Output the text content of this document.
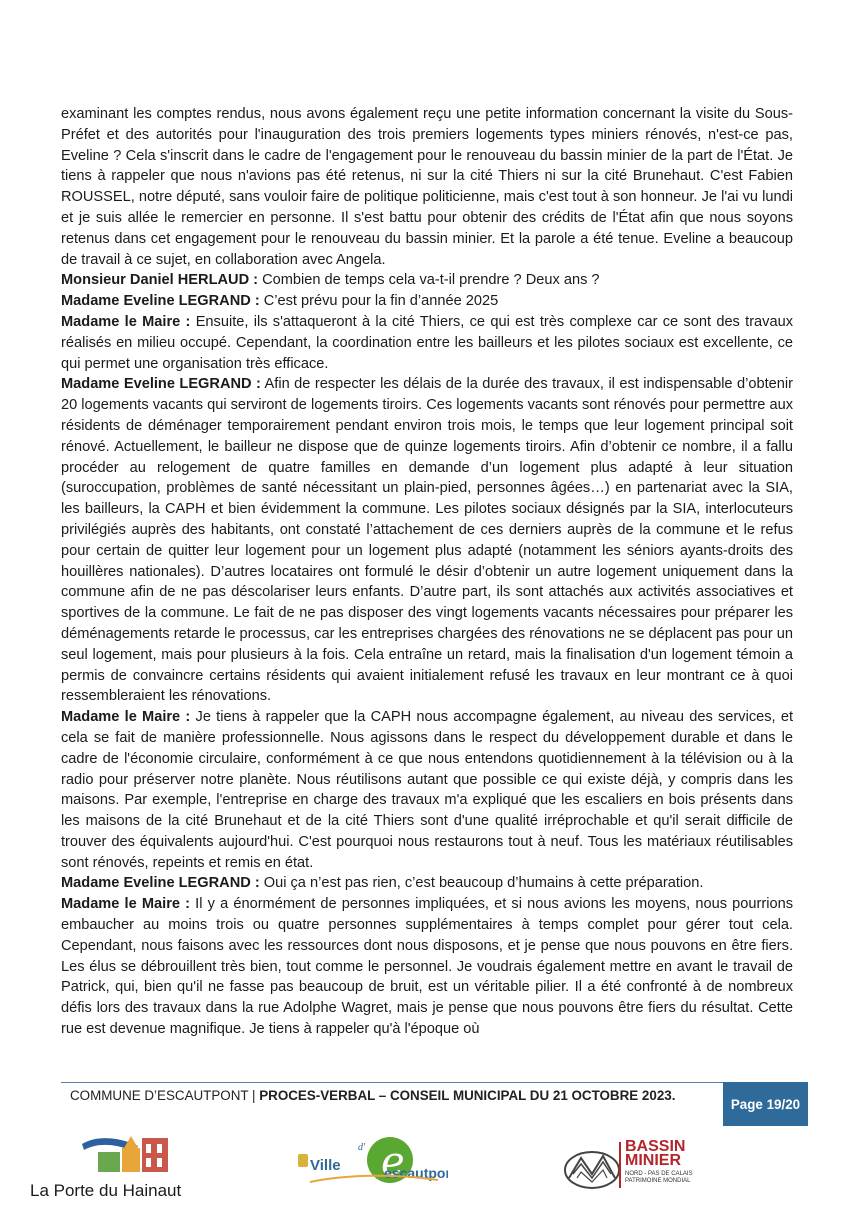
examinant les comptes rendus, nous avons également reçu une petite information concernant la visite du Sous-Préfet et des autorités pour l'inauguration des trois premiers logements types miniers rénovés, n'est-ce pas, Eveline ? Cela s'inscrit dans le cadre de l'engagement pour le renouveau du bassin minier de la part de l'État. Je tiens à rappeler que nous n'avions pas été retenus, ni sur la cité Thiers ni sur la cité Brunehaut. C'est Fabien ROUSSEL, notre député, sans vouloir faire de politique politicienne, mais c'est tout à son honneur. Je l'ai vu lundi et je suis allée le remercier en personne. Il s'est battu pour obtenir des crédits de l'État afin que nous soyons retenus dans cet engagement pour le renouveau du bassin minier. Et la parole a été tenue. Eveline a beaucoup de travail à ce sujet, en collaboration avec Angela.

Monsieur Daniel HERLAUD : Combien de temps cela va-t-il prendre ? Deux ans ?

Madame Eveline LEGRAND : C’est prévu pour la fin d’année 2025

Madame le Maire : Ensuite, ils s'attaqueront à la cité Thiers, ce qui est très complexe car ce sont des travaux réalisés en milieu occupé. Cependant, la coordination entre les bailleurs et les pilotes sociaux est excellente, ce qui permet une organisation très efficace.

Madame Eveline LEGRAND : Afin de respecter les délais de la durée des travaux, il est indispensable d’obtenir 20 logements vacants qui serviront de logements tiroirs. Ces logements vacants sont rénovés pour permettre aux résidents de déménager temporairement pendant environ trois mois, le temps que leur logement principal soit rénové. Actuellement, le bailleur ne dispose que de quinze logements tiroirs. Afin d’obtenir ce nombre, il a fallu procéder au relogement de quatre familles en demande d’un logement plus adapté à leur situation (suroccupation, problèmes de santé nécessitant un plain-pied, personnes âgées…) en partenariat avec la SIA, les bailleurs, la CAPH et bien évidemment la commune. Les pilotes sociaux désignés par la SIA, interlocuteurs privilégiés auprès des habitants, ont constaté l’attachement de ces derniers auprès de la commune et le refus pour certain de quitter leur logement pour un logement plus adapté (notamment les séniors ayants-droits des houillères nationales). D’autres locataires ont formulé le désir d’obtenir un autre logement uniquement dans la commune afin de ne pas déscolariser leurs enfants. D’autre part, ils sont attachés aux activités associatives et sportives de la commune. Le fait de ne pas disposer des vingt logements vacants nécessaires pour préparer les déménagements retarde le processus, car les entreprises chargées des rénovations ne se déplacent pas pour un seul logement, mais pour plusieurs à la fois. Cela entraîne un retard, mais la finalisation d'un logement témoin a permis de convaincre certains résidents qui avaient initialement refusé les travaux en leur montrant ce à quoi ressembleraient les rénovations.

Madame le Maire : Je tiens à rappeler que la CAPH nous accompagne également, au niveau des services, et cela se fait de manière professionnelle. Nous agissons dans le respect du développement durable et dans le cadre de l'économie circulaire, conformément à ce que nous entendons quotidiennement à la télévision ou à la radio pour préserver notre planète. Nous réutilisons autant que possible ce qui existe déjà, y compris dans les maisons. Par exemple, l'entreprise en charge des travaux m'a expliqué que les escaliers en bois présents dans les maisons de la cité Brunehaut et de la cité Thiers sont d'une qualité irréprochable et qu'il serait difficile de trouver des équivalents aujourd'hui. C'est pourquoi nous restaurons tout à neuf. Tous les matériaux réutilisables sont rénovés, repeints et remis en état.

Madame Eveline LEGRAND : Oui ça n’est pas rien, c’est beaucoup d’humains à cette préparation.

Madame le Maire : Il y a énormément de personnes impliquées, et si nous avions les moyens, nous pourrions embaucher au moins trois ou quatre personnes supplémentaires à temps complet pour gérer tout cela. Cependant, nous faisons avec les ressources dont nous disposons, et je pense que nous pouvons en être fiers. Les élus se débrouillent très bien, tout comme le personnel. Je voudrais également mettre en avant le travail de Patrick, qui, bien qu'il ne fasse pas beaucoup de bruit, est un véritable pilier. Il a été confronté à de nombreux défis lors des travaux dans la rue Adolphe Wagret, mais je pense que nous pouvons être fiers du résultat. Cette rue est devenue magnifique. Je tiens à rappeler qu'à l'époque où

COMMUNE D’ESCAUTPONT | PROCES-VERBAL – CONSEIL MUNICIPAL DU 21 OCTOBRE 2023.
Page 19/20
La Porte du Hainaut
e
d'
Ville	escautpo
BASSIN
MINIER
NORD - PAS DE CALAIS
PATRIMOINE MONDIAL
